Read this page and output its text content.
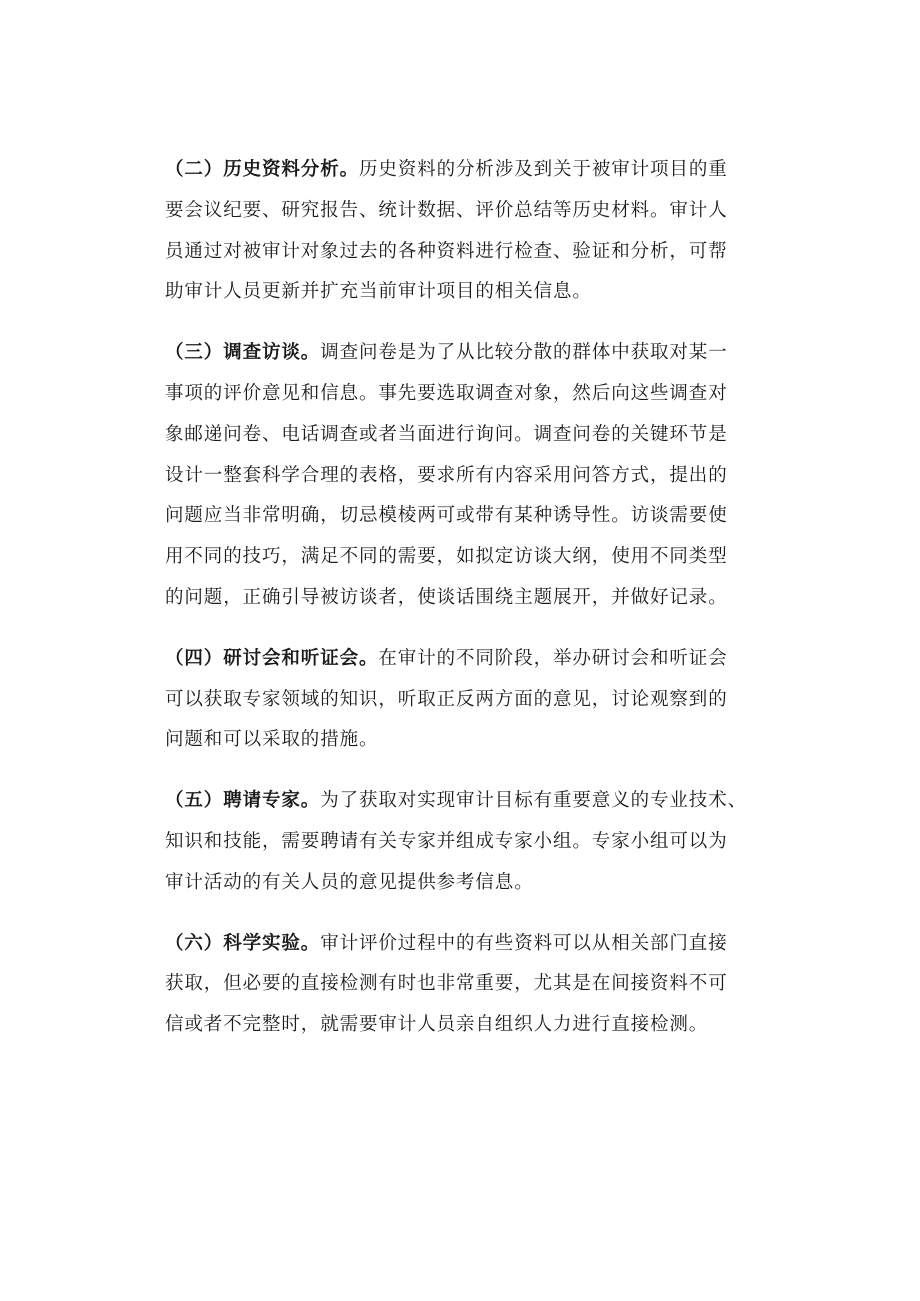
（二）历史资料分析。历史资料的分析涉及到关于被审计项目的重
要会议纪要、研究报告、统计数据、评价总结等历史材料。审计人
员通过对被审计对象过去的各种资料进行检查、验证和分析，可帮
助审计人员更新并扩充当前审计项目的相关信息。
（三）调查访谈。调查问卷是为了从比较分散的群体中获取对某一
事项的评价意见和信息。事先要选取调查对象，然后向这些调查对
象邮递问卷、电话调查或者当面进行询问。调查问卷的关键环节是
设计一整套科学合理的表格，要求所有内容采用问答方式，提出的
问题应当非常明确，切忌模棱两可或带有某种诱导性。访谈需要使
用不同的技巧，满足不同的需要，如拟定访谈大纲，使用不同类型
的问题，正确引导被访谈者，使谈话围绕主题展开，并做好记录。
（四）研讨会和听证会。在审计的不同阶段，举办研讨会和听证会
可以获取专家领域的知识，听取正反两方面的意见，讨论观察到的
问题和可以采取的措施。
（五）聘请专家。为了获取对实现审计目标有重要意义的专业技术、
知识和技能，需要聘请有关专家并组成专家小组。专家小组可以为
审计活动的有关人员的意见提供参考信息。
（六）科学实验。审计评价过程中的有些资料可以从相关部门直接
获取，但必要的直接检测有时也非常重要，尤其是在间接资料不可
信或者不完整时，就需要审计人员亲自组织人力进行直接检测。
